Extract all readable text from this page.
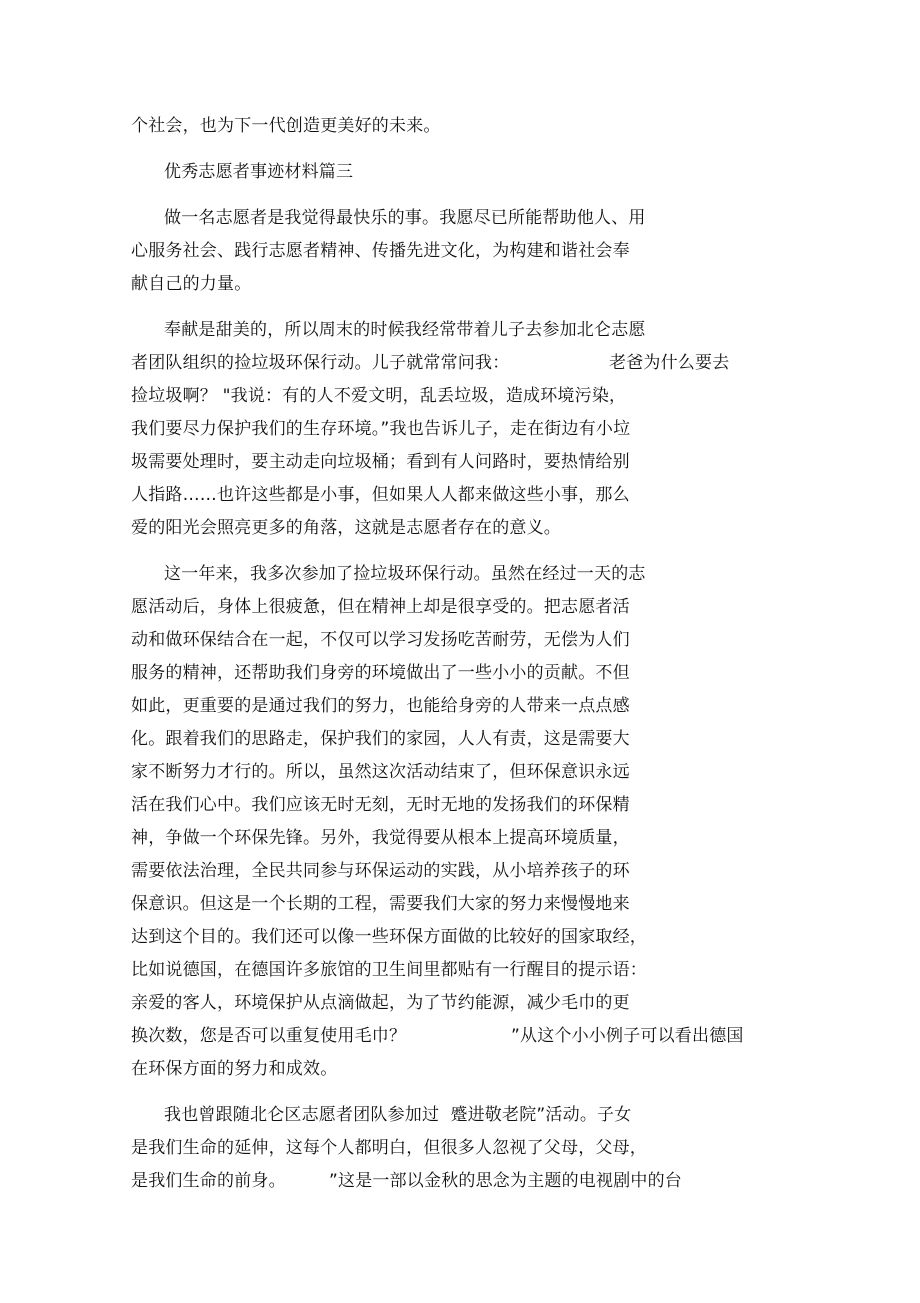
个社会，也为下一代创造更美好的未来。

优秀志愿者事迹材料篇三

做一名志愿者是我觉得最快乐的事。我愿尽已所能帮助他人、用

心服务社会、践行志愿者精神、传播先进文化，为构建和谐社会奉

献自己的力量。

奉献是甜美的，所以周末的时候我经常带着儿子去参加北仑志愿

者团队组织的捡垃圾环保行动。儿子就常常问我：	老爸为什么要去

捡垃圾啊？ "我说：有的人不爱文明，乱丢垃圾，造成环境污染，

我们要尽力保护我们的生存环境。”我也告诉儿子，走在街边有小垃

圾需要处理时，要主动走向垃圾桶；看到有人问路时，要热情给别

人指路……也许这些都是小事，但如果人人都来做这些小事，那么

爱的阳光会照亮更多的角落，这就是志愿者存在的意义。

这一年来，我多次参加了捡垃圾环保行动。虽然在经过一天的志

愿活动后，身体上很疲惫，但在精神上却是很享受的。把志愿者活

动和做环保结合在一起，不仅可以学习发扬吃苦耐劳，无偿为人们

服务的精神，还帮助我们身旁的环境做出了一些小小的贡献。不但

如此，更重要的是通过我们的努力，也能给身旁的人带来一点点感

化。跟着我们的思路走，保护我们的家园，人人有责，这是需要大

家不断努力才行的。所以，虽然这次活动结束了，但环保意识永远

活在我们心中。我们应该无时无刻，无时无地的发扬我们的环保精

神，争做一个环保先锋。另外，我觉得要从根本上提高环境质量，

需要依法治理，全民共同参与环保运动的实践，从小培养孩子的环

保意识。但这是一个长期的工程，需要我们大家的努力来慢慢地来

达到这个目的。我们还可以像一些环保方面做的比较好的国家取经，

比如说德国，在德国许多旅馆的卫生间里都贴有一行醒目的提示语：

亲爱的客人，环境保护从点滴做起，为了节约能源，减少毛巾的更

换次数，您是否可以重复使用毛巾？	”从这个小小例子可以看出德国

在环保方面的努力和成效。

我也曾跟随北仑区志愿者团队参加过  蹙进敬老院”活动。子女

是我们生命的延伸，这每个人都明白，但很多人忽视了父母，父母，

是我们生命的前身。	”这是一部以金秋的思念为主题的电视剧中的台
